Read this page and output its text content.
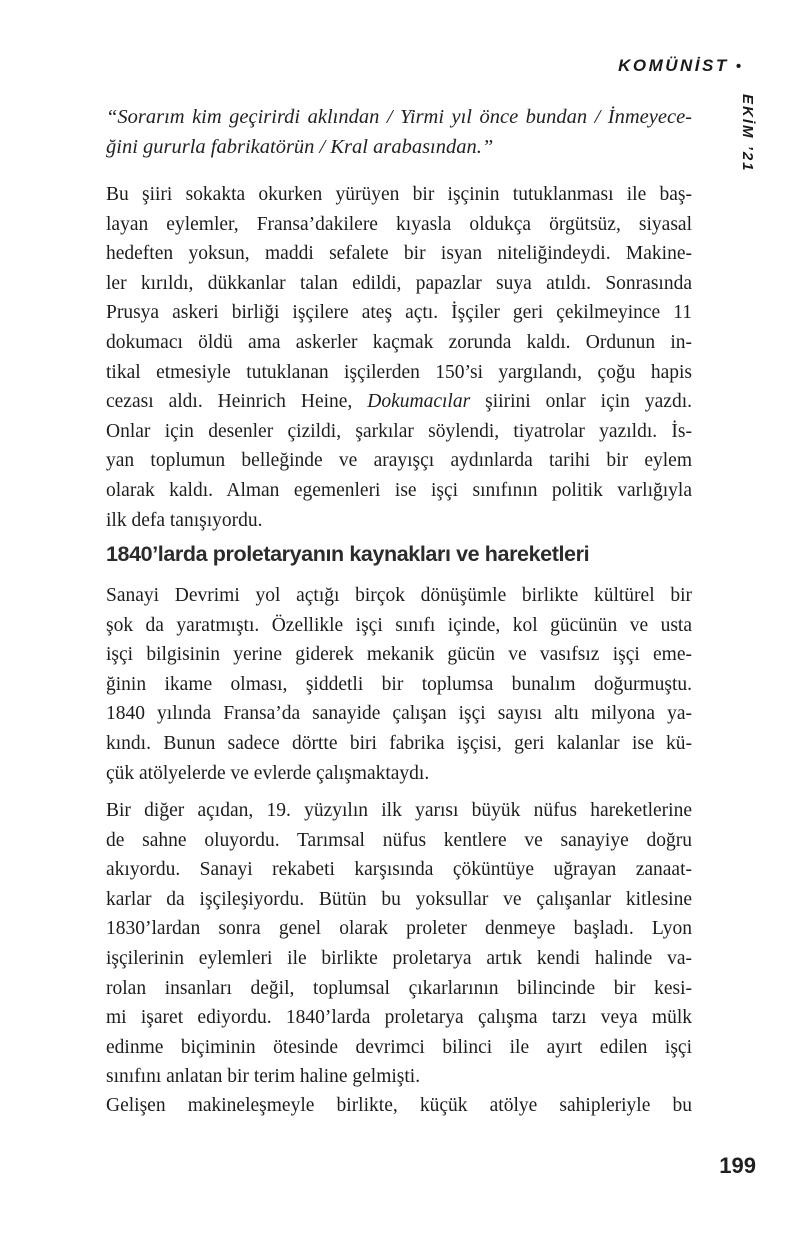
KOMÜNİST •
EKİM ’21
“Sorarım kim geçirirdi aklından / Yirmi yıl önce bundan / İnmeyece-
ğini gururla fabrikatörün / Kral arabasından.”
Bu şiiri sokakta okurken yürüyen bir işçinin tutuklanması ile baş-
layan eylemler, Fransa’dakilere kıyasla oldukça örgütsüz, siyasal
hedeften yoksun, maddi sefalete bir isyan niteliğindeydi. Makine-
ler kırıldı, dükkanlar talan edildi, papazlar suya atıldı. Sonrasında
Prusya askeri birliği işçilere ateş açtı. İşçiler geri çekilmeyince 11
dokumacı öldü ama askerler kaçmak zorunda kaldı. Ordunun in-
tikal etmesiyle tutuklanan işçilerden 150’si yargılandı, çoğu hapis
cezası aldı. Heinrich Heine, Dokumacılar şiirini onlar için yazdı.
Onlar için desenler çizildi, şarkılar söylendi, tiyatrolar yazıldı. İs-
yan toplumun belleğinde ve arayışçı aydınlarda tarihi bir eylem
olarak kaldı. Alman egemenleri ise işçi sınıfının politik varlığıyla
ilk defa tanışıyordu.
1840’larda proletaryanın kaynakları ve hareketleri
Sanayi Devrimi yol açtığı birçok dönüşümle birlikte kültürel bir
şok da yaratmıştı. Özellikle işçi sınıfı içinde, kol gücünün ve usta
işçi bilgisinin yerine giderek mekanik gücün ve vasıfsız işçi eme-
ğinin ikame olması, şiddetli bir toplumsa bunalım doğurmuştu.
1840 yılında Fransa’da sanayide çalışan işçi sayısı altı milyona ya-
kındı. Bunun sadece dörtte biri fabrika işçisi, geri kalanlar ise kü-
çük atölyelerde ve evlerde çalışmaktaydı.
Bir diğer açıdan, 19. yüzyılın ilk yarısı büyük nüfus hareketlerine
de sahne oluyordu. Tarımsal nüfus kentlere ve sanayiye doğru
akıyordu. Sanayi rekabeti karşısında çöküntüye uğrayan zanaat-
karlar da işçileşiyordu. Bütün bu yoksullar ve çalışanlar kitlesine
1830’lardan sonra genel olarak proleter denmeye başladı. Lyon
işçilerinin eylemleri ile birlikte proletarya artık kendi halinde va-
rolan insanları değil, toplumsal çıkarlarının bilincinde bir kesi-
mi işaret ediyordu. 1840’larda proletarya çalışma tarzı veya mülk
edinme biçiminin ötesinde devrimci bilinci ile ayırt edilen işçi
sınıfını anlatan bir terim haline gelmişti.
Gelişen makineleşmeyle birlikte, küçük atölye sahipleriyle bu
199
